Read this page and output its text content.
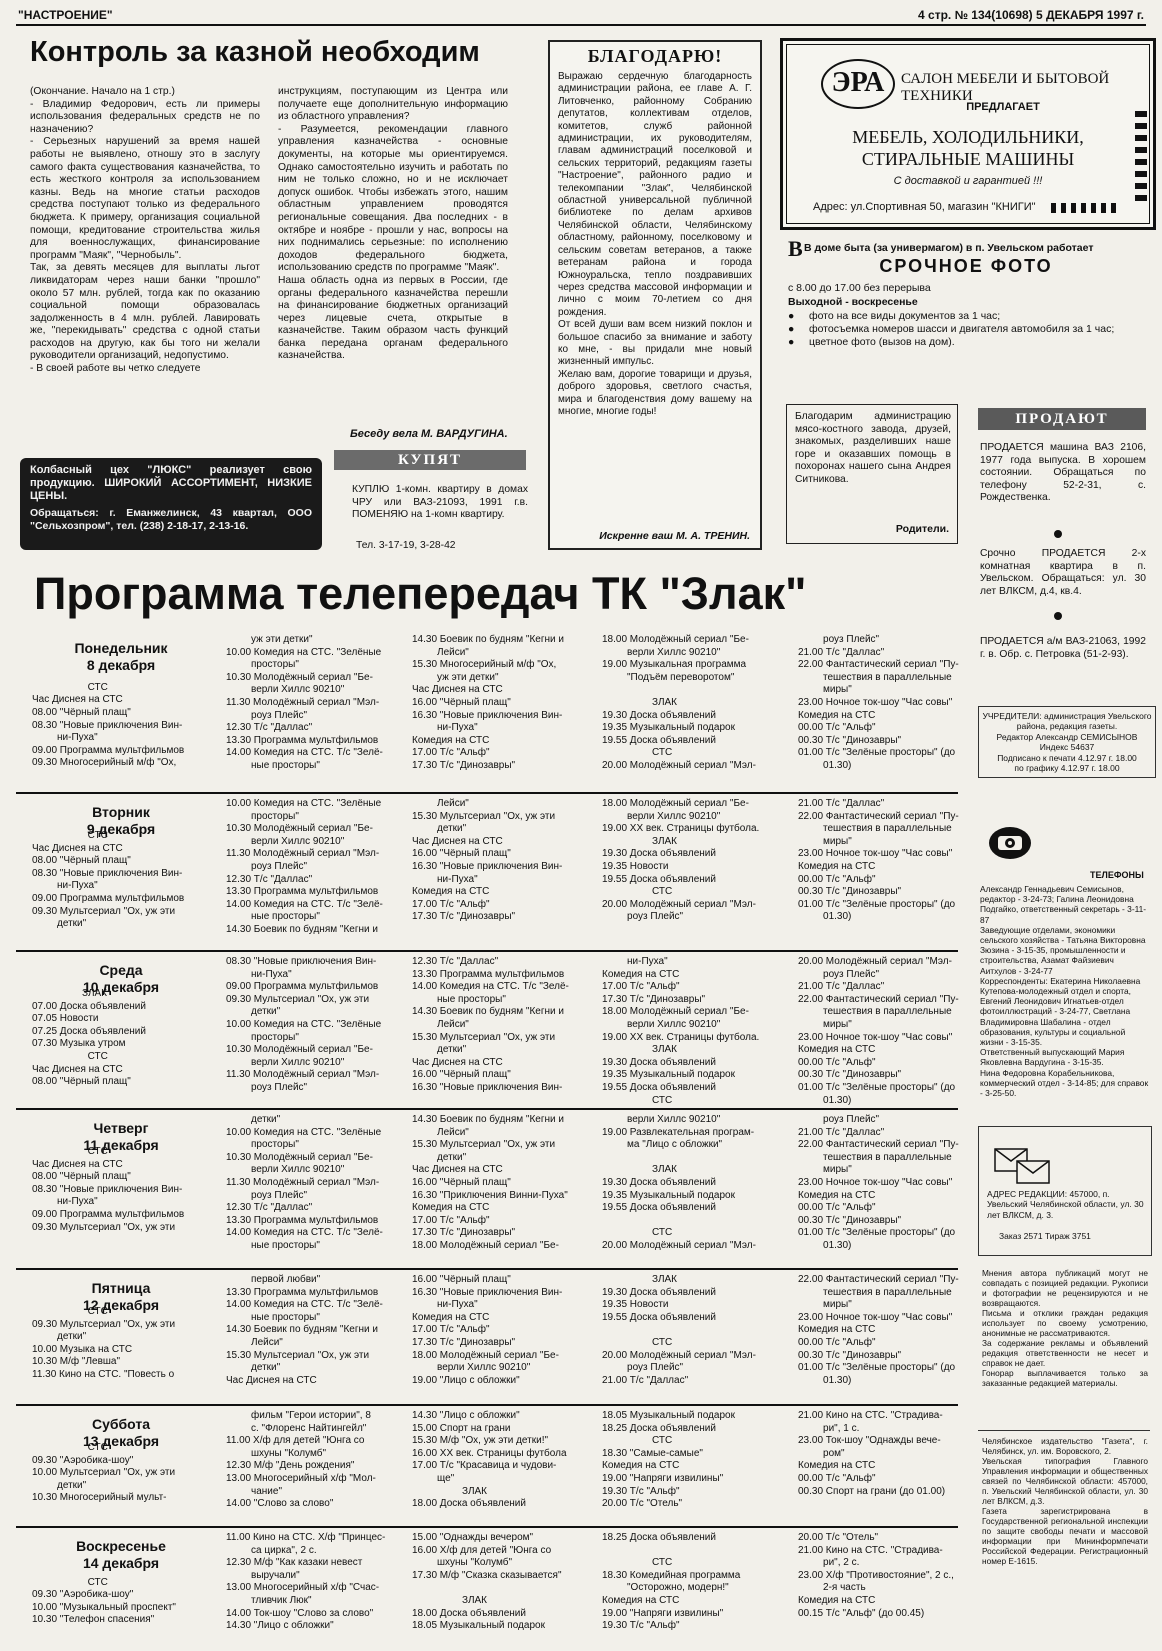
"НАСТРОЕНИЕ"	4 стр. № 134(10698) 5 ДЕКАБРЯ 1997 г.
Контроль за казной необходим

(Окончание. Начало на 1 стр.)
- Владимир Федорович, есть ли примеры использования федеральных средств не по назначению?
- Серьезных нарушений за время нашей работы не выявлено, отношу это в заслугу самого факта существования казначейства, то есть жесткого контроля за использованием казны. Ведь на многие статьи расходов средства поступают только из федерального бюджета. К примеру, организация социальной помощи, кредитование строительства жилья для военнослужащих, финансирование программ "Маяк", "Чернобыль".
Так, за девять месяцев для выплаты льгот ликвидаторам через наши банки "прошло" около 57 млн. рублей, тогда как по оказанию социальной помощи образовалась задолженность в 4 млн. рублей. Лавировать же, "перекидывать" средства с одной статьи расходов на другую, как бы того ни желали руководители организаций, недопустимо.
- В своей работе вы четко следуете

инструкциям, поступающим из Центра или получаете еще дополнительную информацию из областного управления?
- Разумеется, рекомендации главного управления казначейства - основные документы, на которые мы ориентируемся. Однако самостоятельно изучить и работать по ним не только сложно, но и не исключает допуск ошибок. Чтобы избежать этого, нашим областным управлением проводятся региональные совещания. Два последних - в октябре и ноябре - прошли у нас, вопросы на них поднимались серьезные: по исполнению доходов федерального бюджета, использованию средств по программе "Маяк".
Наша область одна из первых в России, где органы федерального казначейства перешли на финансирование бюджетных организаций через лицевые счета, открытые в казначействе. Таким образом часть функций банка передана органам федерального казначейства.

Беседу вела М. ВАРДУГИНА.
БЛАГОДАРЮ!

Выражаю сердечную благодарность администрации района, ее главе А. Г. Литовченко, районному Собранию депутатов, коллективам отделов, комитетов, служб районной администрации, их руководителям, главам администраций поселковой и сельских территорий, редакциям газеты "Настроение", районного радио и телекомпании "Злак", Челябинской областной универсальной публичной библиотеке по делам архивов Челябинской области, Челябинскому областному, районному, поселковому и сельским советам ветеранов, а также ветеранам района и города Южноуральска, тепло поздравивших через средства массовой информации и лично с моим 70-летием со дня рождения.
От всей души вам всем низкий поклон и большое спасибо за внимание и заботу ко мне, - вы придали мне новый жизненный импульс.
Желаю вам, дорогие товарищи и друзья, доброго здоровья, светлого счастья, мира и благоденствия дому вашему на многие, многие годы!

Искренне ваш М. А. ТРЕНИН.
ЭРА	САЛОН МЕБЕЛИ И БЫТОВОЙ ТЕХНИКИ
ПРЕДЛАГАЕТ
МЕБЕЛЬ, ХОЛОДИЛЬНИКИ,
СТИРАЛЬНЫЕ МАШИНЫ
С доставкой и гарантией !!!
Адрес: ул.Спортивная 50, магазин "КНИГИ"
В В доме быта (за универмагом) в п. Увельском работает
СРОЧНОЕ ФОТО
с 8.00 до 17.00 без перерыва
Выходной - воскресенье
●     фото на все виды документов за 1 час;
●     фотосъемка номеров шасси и двигателя автомобиля за 1 час;
●     цветное фото (вызов на дом).

Колбасный цех "ЛЮКС" реализует свою продукцию. ШИРОКИЙ АССОРТИМЕНТ, НИЗКИЕ ЦЕНЫ.

Обращаться: г. Еманжелинск, 43 квартал, ООО "Сельхозпром", тел. (238) 2-18-17, 2-13-16.

КУПЯТ

КУПЛЮ 1-комн. квартиру в домах ЧРУ или ВАЗ-21093, 1991 г.в. ПОМЕНЯЮ на 1-комн квартиру.

Тел. 3-17-19, 3-28-42

Благодарим администрацию мясо-костного завода, друзей, знакомых, разделивших наше горе и оказавших помощь в похоронах нашего сына Андрея Ситникова.

Родители.
ПРОДАЮТ

ПРОДАЕТСЯ машина ВАЗ 2106, 1977 года выпуска. В хорошем состоянии. Обращаться по телефону 52-2-31, с. Рождественка.

Срочно ПРОДАЕТСЯ 2-х комнатная квартира в п. Увельском. Обращаться: ул. 30 лет ВЛКСМ, д.4, кв.4.

ПРОДАЕТСЯ а/м ВАЗ-21063, 1992 г. в. Обр. с. Петровка (51-2-93).

Программа телепередач ТК "Злак"
Понедельник
8 декабря

СТС
Час Диснея на СТС
08.00 "Чёрный плащ"
08.30 "Новые приключения Вин-
ни-Пуха"
09.00 Программа мультфильмов
09.30 Многосерийный м/ф "Ох,
уж эти детки"
10.00 Комедия на СТС. "Зелёные
просторы"
10.30 Молодёжный сериал "Бе-
верли Хиллс 90210"
11.30 Молодёжный сериал "Мэл-
роуз Плейс"
12.30 Т/с "Даллас"
13.30 Программа мультфильмов
14.00 Комедия на СТС. Т/с "Зелё-
ные просторы"
14.30 Боевик по будням "Кегни и
Лейси"
15.30 Многосерийный м/ф "Ох,
уж эти детки"
Час Диснея на СТС
16.00 "Чёрный плащ"
16.30 "Новые приключения Вин-
ни-Пуха"
Комедия на СТС
17.00 Т/с "Альф"
17.30 Т/с "Динозавры"
18.00 Молодёжный сериал "Бе-
верли Хиллс 90210"
19.00 Музыкальная программа
"Подъём переворотом"

ЗЛАК
19.30 Доска объявлений
19.35 Музыкальный подарок
19.55 Доска объявлений
СТС
20.00 Молодёжный сериал "Мэл-
роуз Плейс"
21.00 Т/с "Даллас"
22.00 Фантастический сериал "Пу-
тешествия в параллельные
миры"
23.00 Ночное ток-шоу "Час совы"
Комедия на СТС
00.00 Т/с "Альф"
00.30 Т/с "Динозавры"
01.00 Т/с "Зелёные просторы" (до
01.30)
Вторник
9 декабря
СТС
Час Диснея на СТС
08.00 "Чёрный плащ"
08.30 "Новые приключения Вин-
ни-Пуха"
09.00 Программа мультфильмов
09.30 Мультсериал "Ох, уж эти
детки"
10.00 Комедия на СТС. "Зелёные
просторы"
10.30 Молодёжный сериал "Бе-
верли Хиллс 90210"
11.30 Молодёжный сериал "Мэл-
роуз Плейс"
12.30 Т/с "Даллас"
13.30 Программа мультфильмов
14.00 Комедия на СТС. Т/с "Зелё-
ные просторы"
14.30 Боевик по будням "Кегни и
Лейси"
15.30 Мультсериал "Ох, уж эти
детки"
Час Диснея на СТС
16.00 "Чёрный плащ"
16.30 "Новые приключения Вин-
ни-Пуха"
Комедия на СТС
17.00 Т/с "Альф"
17.30 Т/с "Динозавры"
18.00 Молодёжный сериал "Бе-
верли Хиллс 90210"
19.00 XX век. Страницы футбола.
ЗЛАК
19.30 Доска объявлений
19.35 Новости
19.55 Доска объявлений
СТС
20.00 Молодёжный сериал "Мэл-
роуз Плейс"
21.00 Т/с "Даллас"
22.00 Фантастический сериал "Пу-
тешествия в параллельные
миры"
23.00 Ночное ток-шоу "Час совы"
Комедия на СТС
00.00 Т/с "Альф"
00.30 Т/с "Динозавры"
01.00 Т/с "Зелёные просторы" (до
01.30)
Среда
10 декабря
ЗЛАК
07.00 Доска объявлений
07.05 Новости
07.25 Доска объявлений
07.30 Музыка утром
СТС
Час Диснея на СТС
08.00 "Чёрный плащ"
08.30 "Новые приключения Вин-
ни-Пуха"
09.00 Программа мультфильмов
09.30 Мультсериал "Ох, уж эти
детки"
10.00 Комедия на СТС. "Зелёные
просторы"
10.30 Молодёжный сериал "Бе-
верли Хиллс 90210"
11.30 Молодёжный сериал "Мэл-
роуз Плейс"
12.30 Т/с "Даллас"
13.30 Программа мультфильмов
14.00 Комедия на СТС. Т/с "Зелё-
ные просторы"
14.30 Боевик по будням "Кегни и
Лейси"
15.30 Мультсериал "Ох, уж эти
детки"
Час Диснея на СТС
16.00 "Чёрный плащ"
16.30 "Новые приключения Вин-
ни-Пуха"
Комедия на СТС
17.00 Т/с "Альф"
17.30 Т/с "Динозавры"
18.00 Молодёжный сериал "Бе-
верли Хиллс 90210"
19.00 XX век. Страницы футбола.
ЗЛАК
19.30 Доска объявлений
19.35 Музыкальный подарок
19.55 Доска объявлений
СТС
20.00 Молодёжный сериал "Мэл-
роуз Плейс"
21.00 Т/с "Даллас"
22.00 Фантастический сериал "Пу-
тешествия в параллельные
миры"
23.00 Ночное ток-шоу "Час совы"
Комедия на СТС
00.00 Т/с "Альф"
00.30 Т/с "Динозавры"
01.00 Т/с "Зелёные просторы" (до
01.30)
Четверг
11 декабря
СТС
Час Диснея на СТС
08.00 "Чёрный плащ"
08.30 "Новые приключения Вин-
ни-Пуха"
09.00 Программа мультфильмов
09.30 Мультсериал "Ох, уж эти
детки"
10.00 Комедия на СТС. "Зелёные
просторы"
10.30 Молодёжный сериал "Бе-
верли Хиллс 90210"
11.30 Молодёжный сериал "Мэл-
роуз Плейс"
12.30 Т/с "Даллас"
13.30 Программа мультфильмов
14.00 Комедия на СТС. Т/с "Зелё-
ные просторы"
14.30 Боевик по будням "Кегни и
Лейси"
15.30 Мультсериал "Ох, уж эти
детки"
Час Диснея на СТС
16.00 "Чёрный плащ"
16.30 "Приключения Винни-Пуха"
Комедия на СТС
17.00 Т/с "Альф"
17.30 Т/с "Динозавры"
18.00 Молодёжный сериал "Бе-
верли Хиллс 90210"
19.00 Развлекательная програм-
ма "Лицо с обложки"

ЗЛАК
19.30 Доска объявлений
19.35 Музыкальный подарок
19.55 Доска объявлений

СТС
20.00 Молодёжный сериал "Мэл-
роуз Плейс"
21.00 Т/с "Даллас"
22.00 Фантастический сериал "Пу-
тешествия в параллельные
миры"
23.00 Ночное ток-шоу "Час совы"
Комедия на СТС
00.00 Т/с "Альф"
00.30 Т/с "Динозавры"
01.00 Т/с "Зелёные просторы" (до
01.30)
Пятница
12 декабря
СТС
09.30 Мультсериал "Ох, уж эти
детки"
10.00 Музыка на СТС
10.30 М/ф "Левша"
11.30 Кино на СТС. "Повесть о
первой любви"
13.30 Программа мультфильмов
14.00 Комедия на СТС. Т/с "Зелё-
ные просторы"
14.30 Боевик по будням "Кегни и
Лейси"
15.30 Мультсериал "Ох, уж эти
детки"
Час Диснея на СТС
16.00 "Чёрный плащ"
16.30 "Новые приключения Вин-
ни-Пуха"
Комедия на СТС
17.00 Т/с "Альф"
17.30 Т/с "Динозавры"
18.00 Молодёжный сериал "Бе-
верли Хиллс 90210"
19.00 "Лицо с обложки"
ЗЛАК
19.30 Доска объявлений
19.35 Новости
19.55 Доска объявлений

СТС
20.00 Молодёжный сериал "Мэл-
роуз Плейс"
21.00 Т/с "Даллас"
22.00 Фантастический сериал "Пу-
тешествия в параллельные
миры"
23.00 Ночное ток-шоу "Час совы"
Комедия на СТС
00.00 Т/с "Альф"
00.30 Т/с "Динозавры"
01.00 Т/с "Зелёные просторы" (до
01.30)
Суббота
13 декабря
СТС
09.30 "Аэробика-шоу"
10.00 Мультсериал "Ох, уж эти
детки"
10.30 Многосерийный мульт-
фильм "Герои истории", 8
с. "Флоренс Найтингейл"
11.00 Х/ф для детей "Юнга со
шхуны "Колумб"
12.30 М/ф "День рождения"
13.00 Многосерийный х/ф "Мол-
чание"
14.00 "Слово за слово"
14.30 "Лицо с обложки"
15.00 Спорт на грани
15.30 М/ф "Ох, уж эти детки!"
16.00 XX век. Страницы футбола
17.00 Т/с "Красавица и чудови-
ще"
ЗЛАК
18.00 Доска объявлений
18.05 Музыкальный подарок
18.25 Доска объявлений
СТС
18.30 "Самые-самые"
Комедия на СТС
19.00 "Напряги извилины"
19.30 Т/с "Альф"
20.00 Т/с "Отель"
21.00 Кино на СТС. "Страдива-
ри", 1 с.
23.00 Ток-шоу "Однажды вече-
ром"
Комедия на СТС
00.00 Т/с "Альф"
00.30 Спорт на грани (до 01.00)
Воскресенье
14 декабря

СТС
09.30 "Аэробика-шоу"
10.00 "Музыкальный проспект"
10.30 "Телефон спасения"
11.00 Кино на СТС. Х/ф "Принцес-
са цирка", 2 с.
12.30 М/ф "Как казаки невест
выручали"
13.00 Многосерийный х/ф "Счас-
тливчик Люк"
14.00 Ток-шоу "Слово за слово"
14.30 "Лицо с обложки"
15.00 "Однажды вечером"
16.00 Х/ф для детей "Юнга со
шхуны "Колумб"
17.30 М/ф "Сказка сказывается"

ЗЛАК
18.00 Доска объявлений
18.05 Музыкальный подарок
18.25 Доска объявлений

СТС
18.30 Комедийная программа
"Осторожно, модерн!"
Комедия на СТС
19.00 "Напряги извилины"
19.30 Т/с "Альф"
20.00 Т/с "Отель"
21.00 Кино на СТС. "Страдива-
ри", 2 с.
23.00 Х/ф "Противостояние", 2 с.,
2-я часть
Комедия на СТС
00.15 Т/с "Альф" (до 00.45)
УЧРЕДИТЕЛИ: администрация Увельского района, редакция газеты.
Редактор Александр СЕМИСЫНОВ
Индекс 54637
Подписано к печати 4.12.97 г. 18.00
по графику 4.12.97 г. 18.00
ТЕЛЕФОНЫ
Александр Геннадьевич Семисынов, редактор - 3-24-73; Галина Леонидовна Подгайко, ответственный секретарь - 3-11-87
Заведующие отделами, экономики сельского хозяйства - Татьяна Викторовна Зюзина - 3-15-35, промышленности и строительства, Азамат Файзиевич Аитхулов - 3-24-77
Корреспонденты: Екатерина Николаевна Кутепова-молодежный отдел и спорта, Евгений Леонидович Игнатьев-отдел фотоиллюстраций - 3-24-77, Светлана Владимировна Шабалина - отдел образования, культуры и социальной жизни - 3-15-35.
Ответственный выпускающий Мария Яковлевна Вардугина - 3-15-35.
Нина Федоровна Корабельникова, коммерческий отдел - 3-14-85; для справок - 3-25-50.
АДРЕС РЕДАКЦИИ: 457000, п. Увельский Челябинской области, ул. 30 лет ВЛКСМ, д. 3.
Заказ 2571 Тираж 3751
Мнения автора публикаций могут не совпадать с позицией редакции. Рукописи и фотографии не рецензируются и не возвращаются.
Письма и отклики граждан редакция использует по своему усмотрению, анонимные не рассматриваются.
За содержание рекламы и объявлений редакция ответственности не несет и справок не дает.
Гонорар выплачивается только за заказанные редакцией материалы.
Челябинское издательство "Газета", г. Челябинск, ул. им. Воровского, 2.
Увельская типография Главного Управления информации и общественных связей по Челябинской области: 457000, п. Увельский Челябинской области, ул. 30 лет ВЛКСМ, д.3.
Газета зарегистрирована в Государственной региональной инспекции по защите свободы печати и массовой информации при Мининформпечати Российской Федерации. Регистрационный номер Е-1615.
